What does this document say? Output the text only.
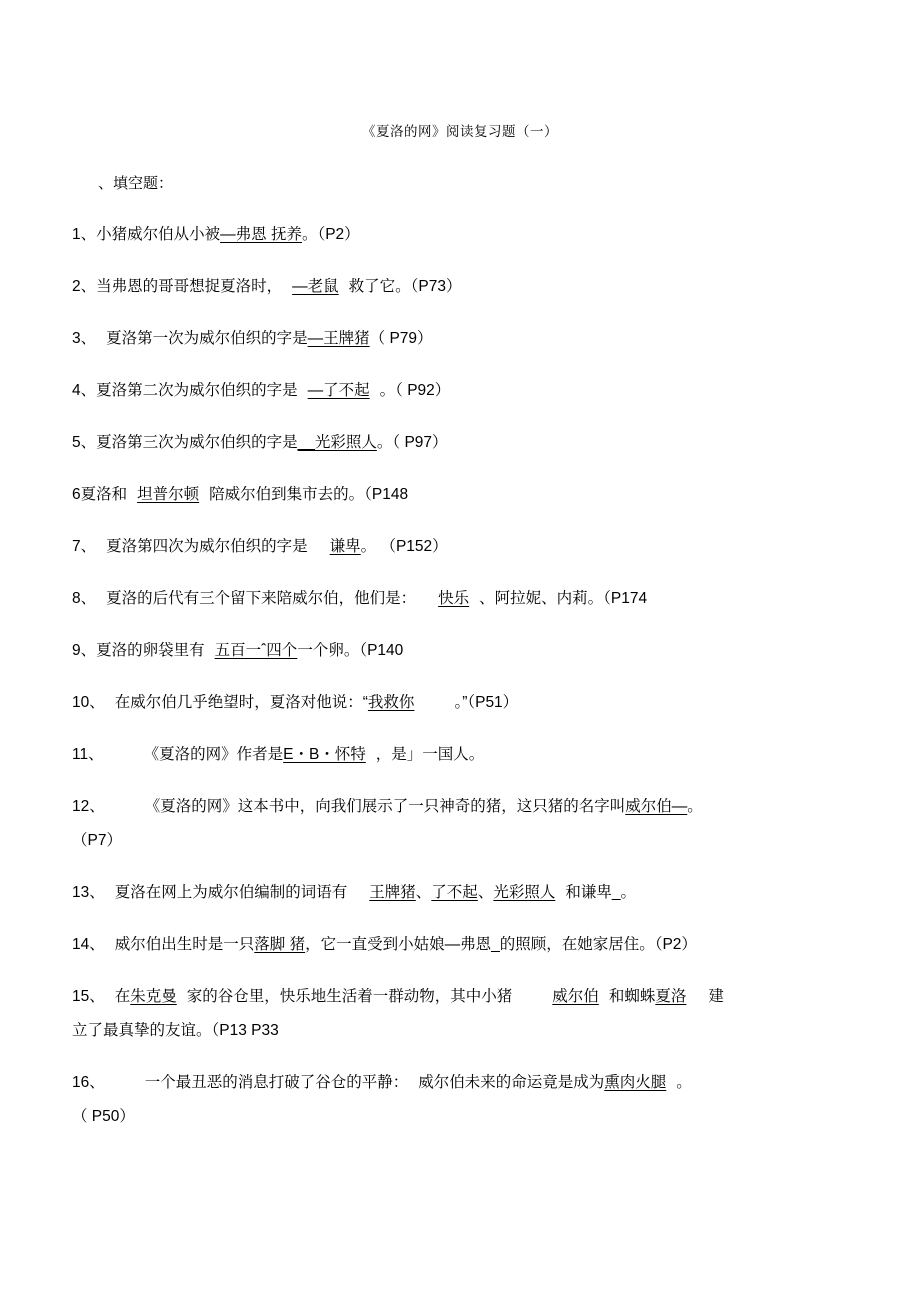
《夏洛的网》阅读复习题（一）
、填空题：

1、小猪威尔伯从小被—弗恩 抚养。（P2）

2、当弗恩的哥哥想捉夏洛时， —老鼠 救了它。（P73）

3、 夏洛第一次为威尔伯织的字是—王牌猪（ P79）

4、夏洛第二次为威尔伯织的字是 —了不起 。（ P92）

5、夏洛第三次为威尔伯织的字是__光彩照人。（ P97）

6夏洛和 坦普尔顿 陪威尔伯到集市去的。（P148

7、 夏洛第四次为威尔伯织的字是 谦卑。 （P152）

8、 夏洛的后代有三个留下来陪威尔伯，他们是： 快乐 、阿拉妮、内莉。（P174

9、夏洛的卵袋里有 五百一ˆ四个一个卵。（P140

10、 在威尔伯几乎绝望时，夏洛对他说：“我救你	。”（P51）

11、	《夏洛的网》作者是E・B・怀特 ，是」一国人。

12、	《夏洛的网》这本书中，向我们展示了一只神奇的猪，这只猪的名字叫威尔伯—。

（P7）

13、 夏洛在网上为威尔伯编制的词语有 王牌猪、了不起、光彩照人 和谦卑_。

14、 威尔伯出生时是一只落脚 猪，它一直受到小姑娘—弗恩_的照顾，在她家居住。（P2）

15、 在朱克曼 家的谷仓里，快乐地生活着一群动物，其中小猪	威尔伯 和蜘蛛夏洛 建

立了最真挚的友谊。（P13 P33

16、	一个最丑恶的消息打破了谷仓的平静： 威尔伯未来的命运竟是成为熏肉火腿 。

（ P50）
